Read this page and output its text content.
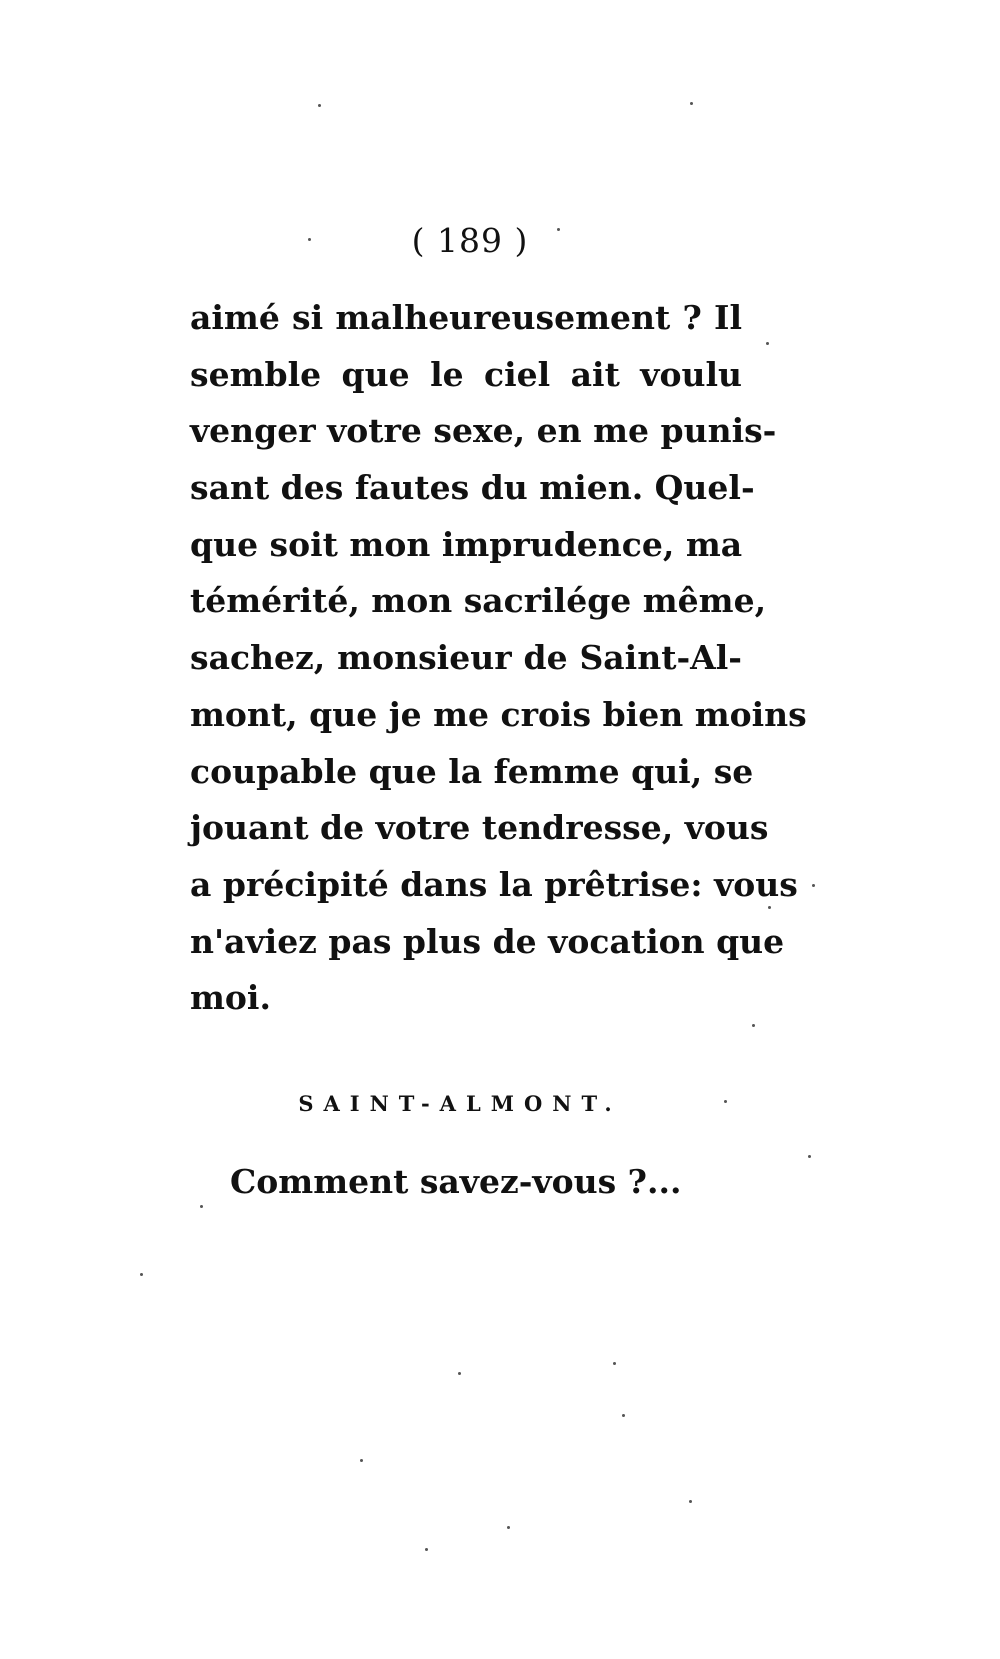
( 189 )
aimé si malheureusement ? Il
semble que le ciel ait voulu
venger votre sexe, en me punis-
sant des fautes du mien. Quel-
que soit mon imprudence, ma
témérité, mon sacrilége même,
sachez, monsieur de Saint-Al-
mont, que je me crois bien moins
coupable que la femme qui, se
jouant de votre tendresse, vous
a précipité dans la prêtrise: vous
n'aviez pas plus de vocation que
moi.
SAINT-ALMONT.
Comment savez-vous ?...
